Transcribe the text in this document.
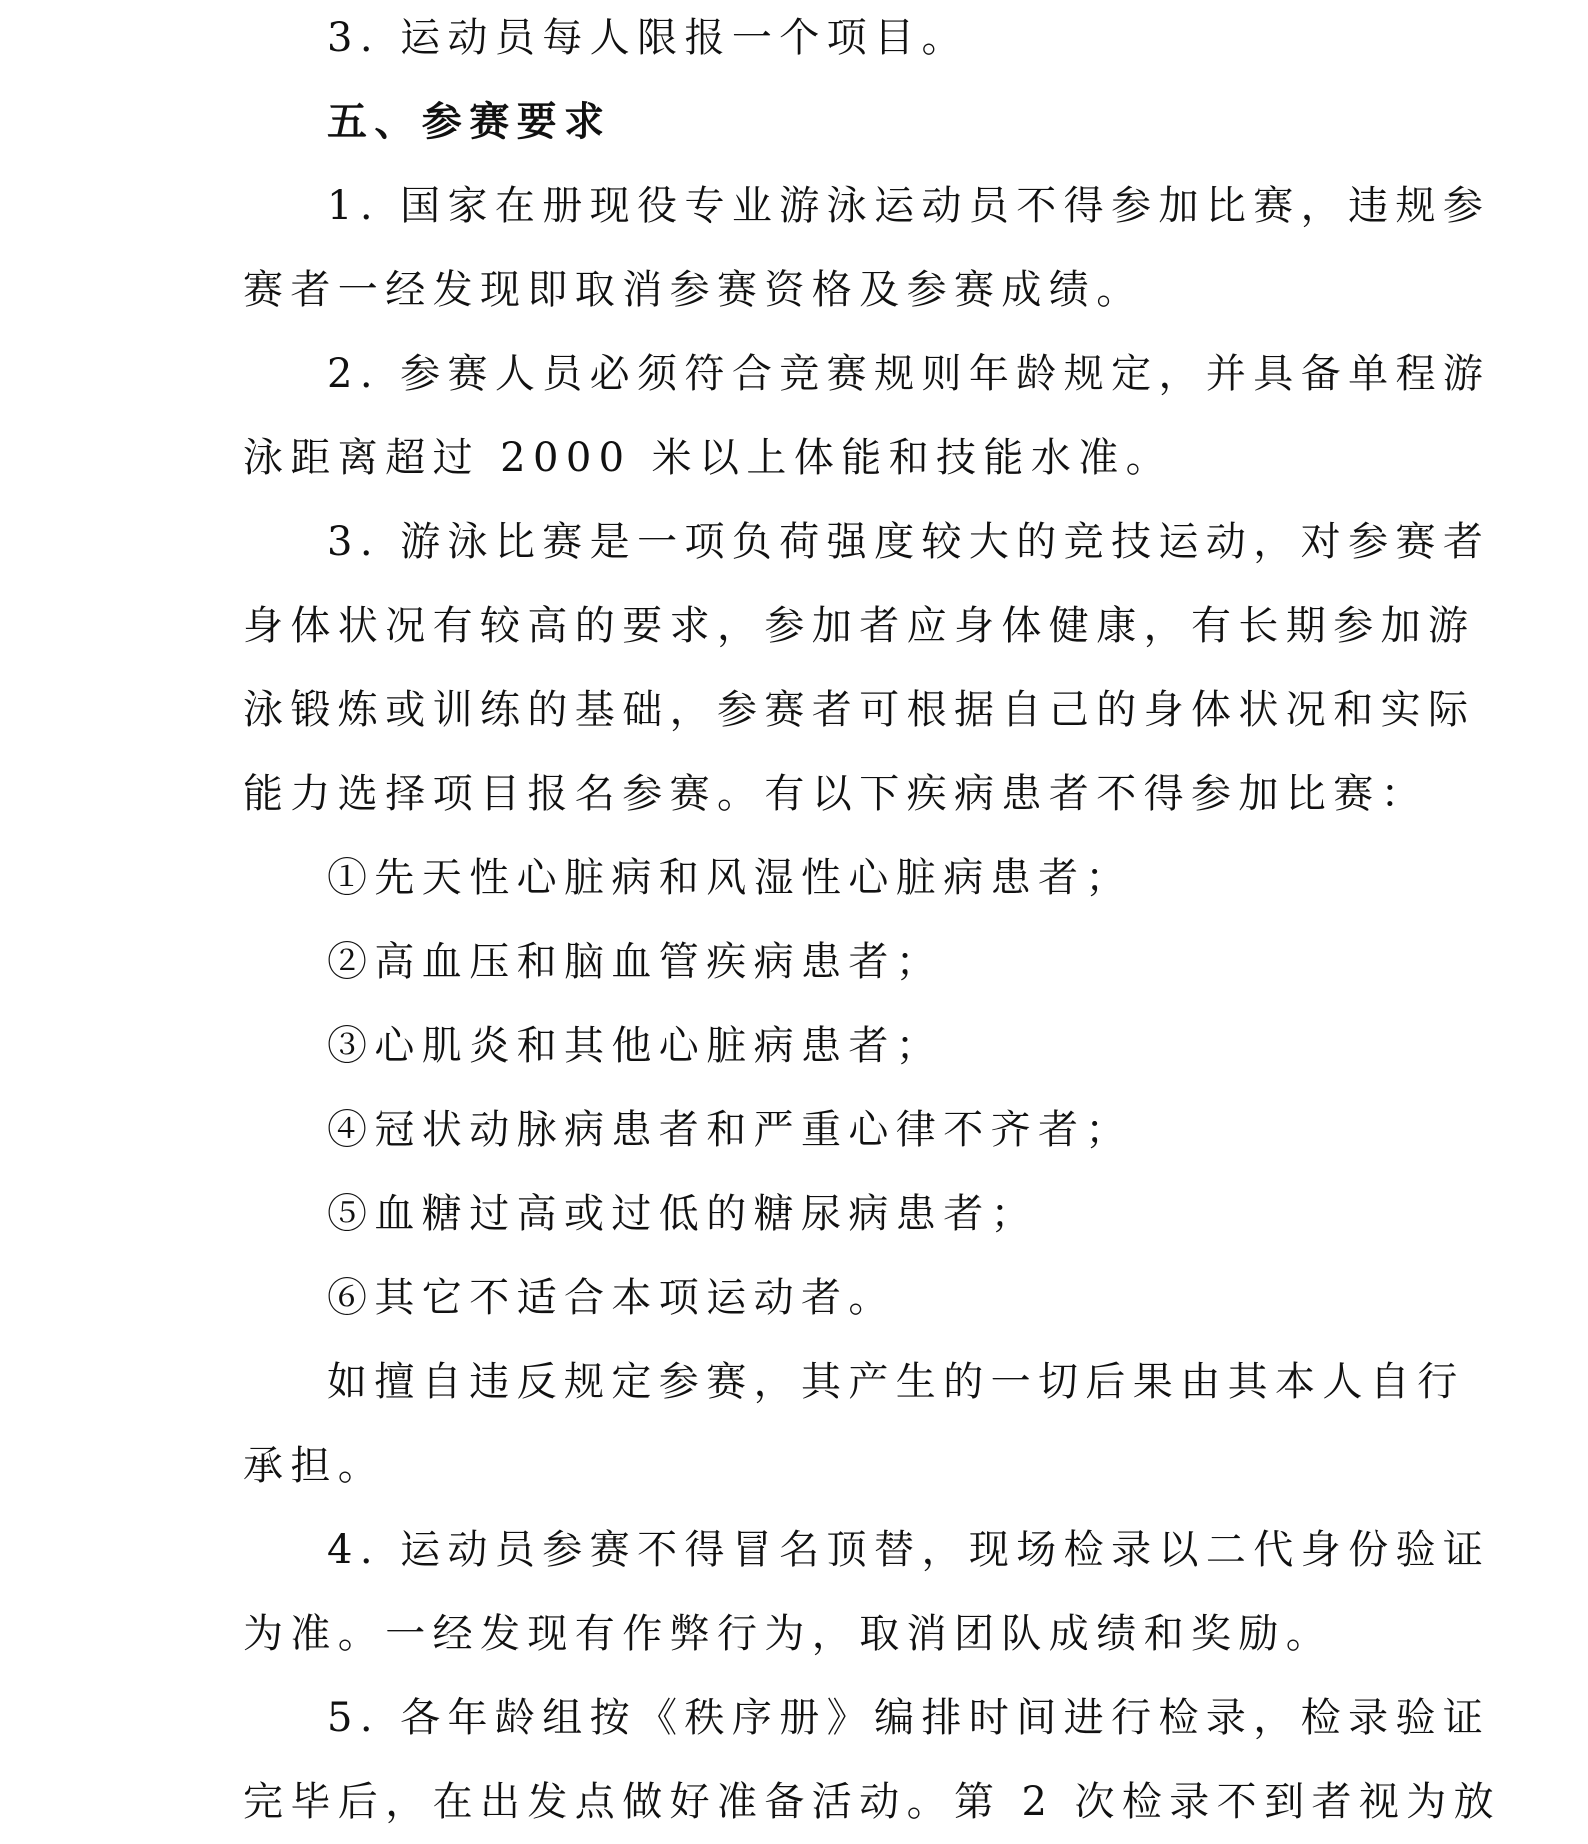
3. 运动员每人限报一个项目。
五、参赛要求
1. 国家在册现役专业游泳运动员不得参加比赛，违规参
赛者一经发现即取消参赛资格及参赛成绩。
2. 参赛人员必须符合竞赛规则年龄规定，并具备单程游
泳距离超过 2000 米以上体能和技能水准。
3. 游泳比赛是一项负荷强度较大的竞技运动，对参赛者
身体状况有较高的要求，参加者应身体健康，有长期参加游
泳锻炼或训练的基础，参赛者可根据自己的身体状况和实际
能力选择项目报名参赛。有以下疾病患者不得参加比赛：
①先天性心脏病和风湿性心脏病患者；
②高血压和脑血管疾病患者；
③心肌炎和其他心脏病患者；
④冠状动脉病患者和严重心律不齐者；
⑤血糖过高或过低的糖尿病患者；
⑥其它不适合本项运动者。
如擅自违反规定参赛，其产生的一切后果由其本人自行
承担。
4. 运动员参赛不得冒名顶替，现场检录以二代身份验证
为准。一经发现有作弊行为，取消团队成绩和奖励。
5. 各年龄组按《秩序册》编排时间进行检录，检录验证
完毕后，在出发点做好准备活动。第 2 次检录不到者视为放
